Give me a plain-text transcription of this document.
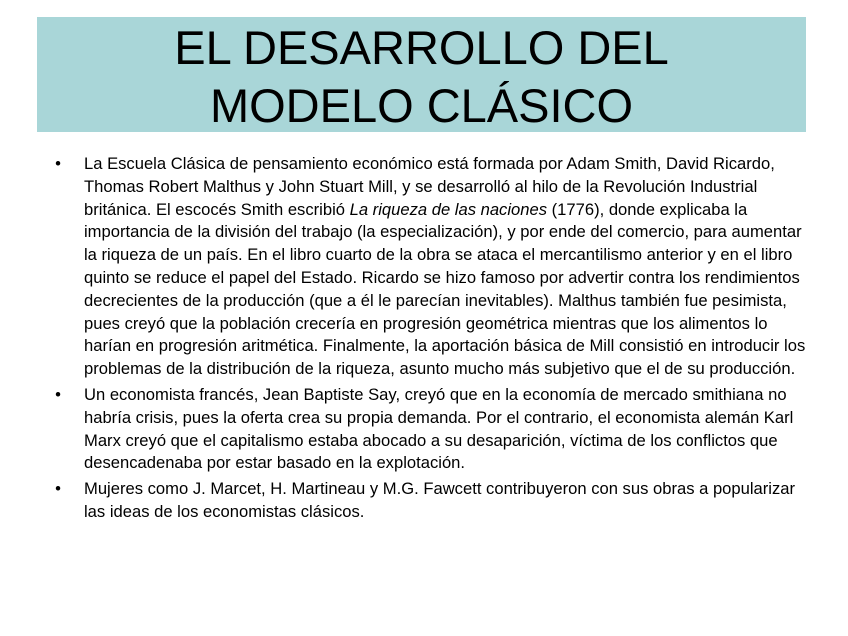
EL DESARROLLO DEL
MODELO CLÁSICO
• La Escuela Clásica de pensamiento económico está formada por Adam Smith, David Ricardo, Thomas Robert Malthus y John Stuart Mill, y se desarrolló al hilo de la Revolución Industrial británica. El escocés Smith escribió La riqueza de las naciones (1776), donde explicaba la importancia de la división del trabajo (la especialización), y por ende del comercio, para aumentar la riqueza de un país. En el libro cuarto de la obra se ataca el mercantilismo anterior y en el libro quinto se reduce el papel del Estado. Ricardo se hizo famoso por advertir contra los rendimientos decrecientes de la producción (que a él le parecían inevitables). Malthus también fue pesimista, pues creyó que la población crecería en progresión geométrica mientras que los alimentos lo harían en progresión aritmética. Finalmente, la aportación básica de Mill consistió en introducir los problemas de la distribución de la riqueza, asunto mucho más subjetivo que el de su producción.
• Un economista francés, Jean Baptiste Say, creyó que en la economía de mercado smithiana no habría crisis, pues la oferta crea su propia demanda. Por el contrario, el economista alemán Karl Marx creyó que el capitalismo estaba abocado a su desaparición, víctima de los conflictos que desencadenaba por estar basado en la explotación.
• Mujeres como J. Marcet, H. Martineau y M.G. Fawcett contribuyeron con sus obras a popularizar las ideas de los economistas clásicos.
